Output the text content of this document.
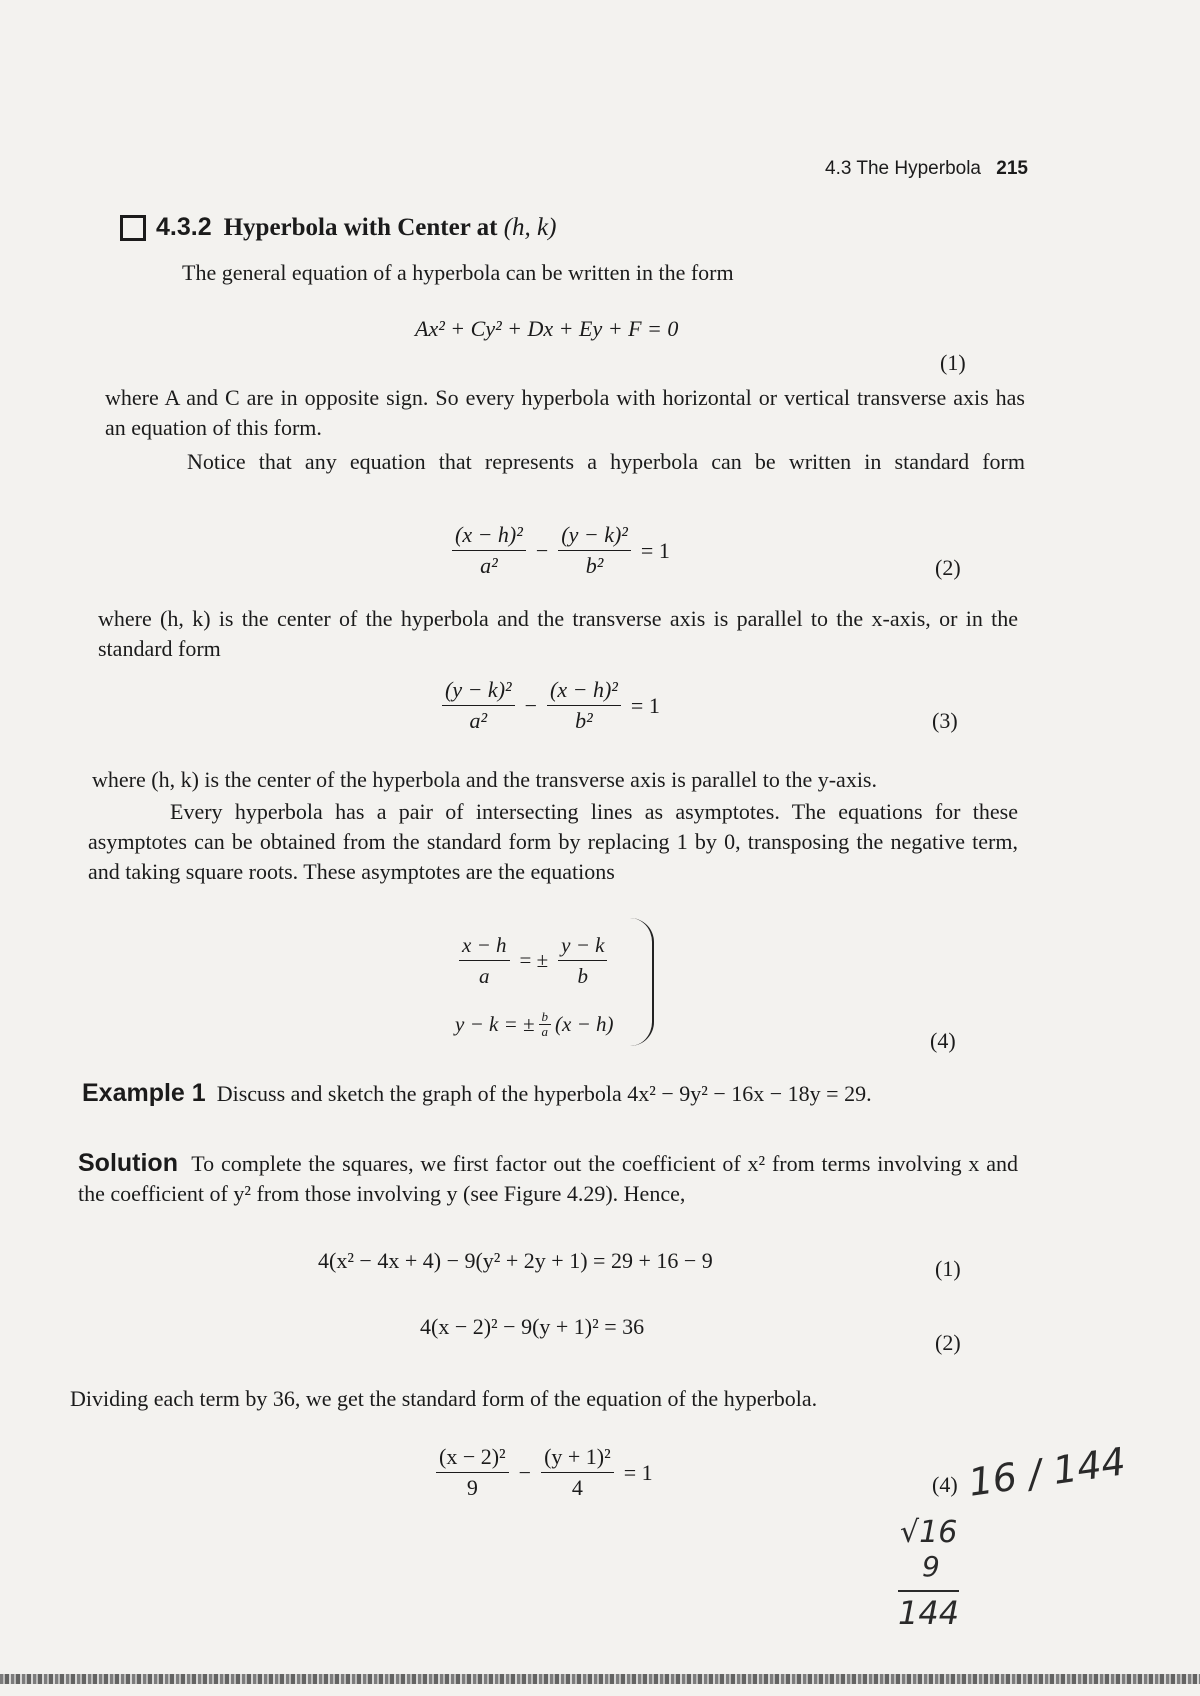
4.3 The Hyperbola 215
4.3.2 Hyperbola with Center at
(h, k)
The general equation of a hyperbola can be written in the form
Ax² + Cy² + Dx + Ey + F = 0
(1)
where A and C are in opposite sign. So every hyperbola with horizontal or vertical transverse axis has an equation of this form.
Notice that any equation that represents a hyperbola can be written in standard form
$\frac{\text{(x − h)²}}{\text{a²}} - \frac{\text{(y − k)²}}{\text{b²}} = 1$
(2)
where (h, k) is the center of the hyperbola and the transverse axis is parallel to the x-axis, or in the standard form
$\frac{\text{(y − k)²}}{\text{a²}} - \frac{\text{(x − h)²}}{\text{b²}} = 1$
(3)
where (h, k) is the center of the hyperbola and the transverse axis is parallel to the y-axis.
Every hyperbola has a pair of intersecting lines as asymptotes. The equations for these asymptotes can be obtained from the standard form by replacing 1 by 0, transposing the negative term, and taking square roots. These asymptotes are the equations
$\frac{x - h}{a}$ = ± $\frac{y - k}{b}$
y − k = ± $\frac{b}{a} (x - h)$
(4)
Example 1 Discuss and sketch the graph of the hyperbola 4x² − 9y² − 16x − 18y = 29.
Solution To complete the squares, we first factor out the coefficient of x² from terms involving x and the coefficient of y² from those involving y (see Figure 4.29). Hence,
4(x² − 4x + 4) − 9(y² + 2y + 1) = 29 + 16 − 9	(1)
4(x − 2)² − 9(y + 1)² = 36
(2)
Dividing each term by 36, we get the standard form of the equation of the hyperbola.
$\frac{\text{(x − 2)²}}{9} - \frac{\text{(y + 1)²}}{4} = 1$	(4) 16 / 144
√16
9
144
